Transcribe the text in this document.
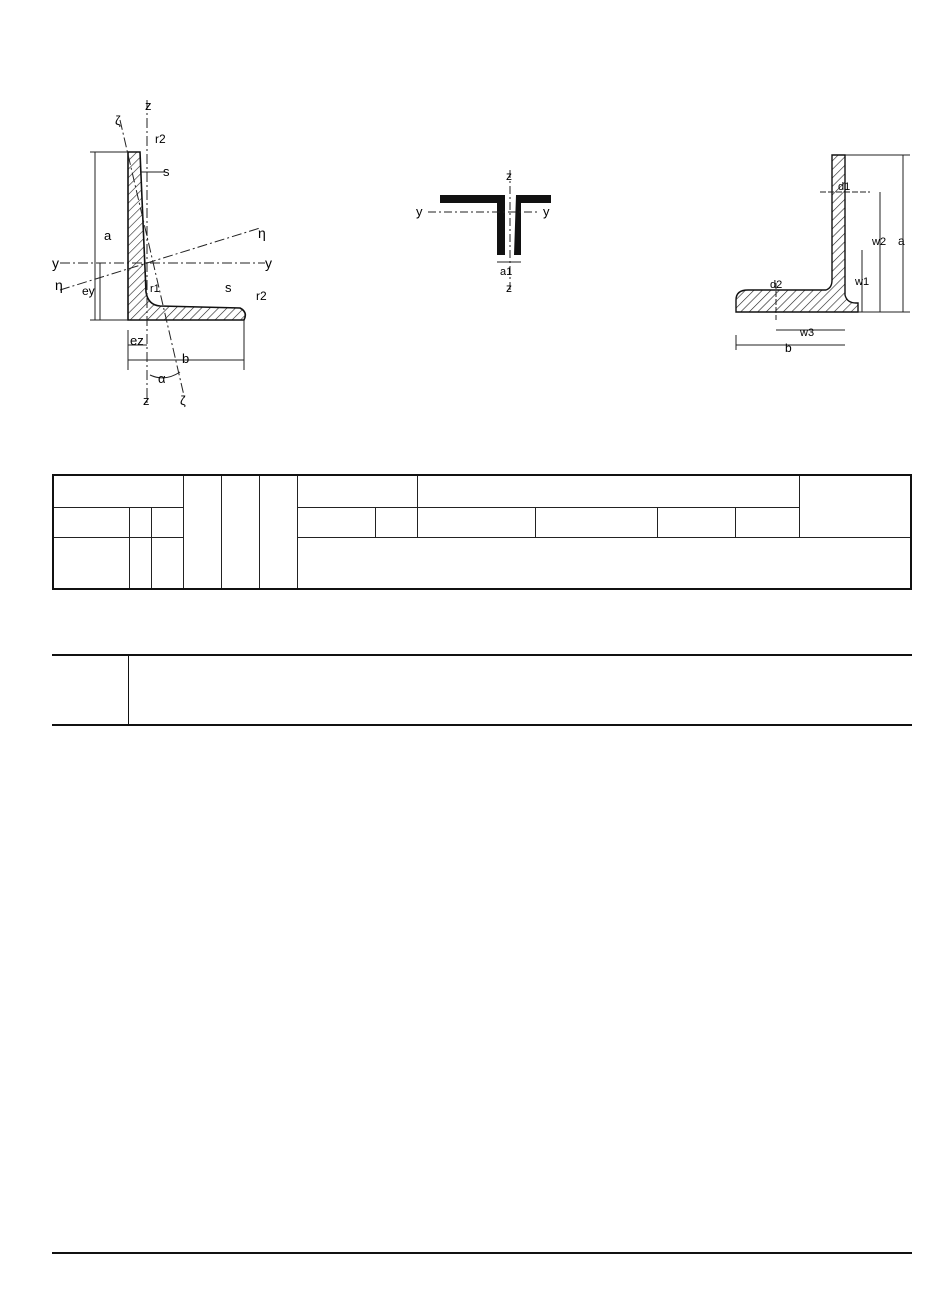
z
ζ
r2
s
a	η
y	y
η ey	r1	s
r2
ez
b
α
z ζ
z
y	y
a1
z
d1
w2 a
w1
d2
w3
b
